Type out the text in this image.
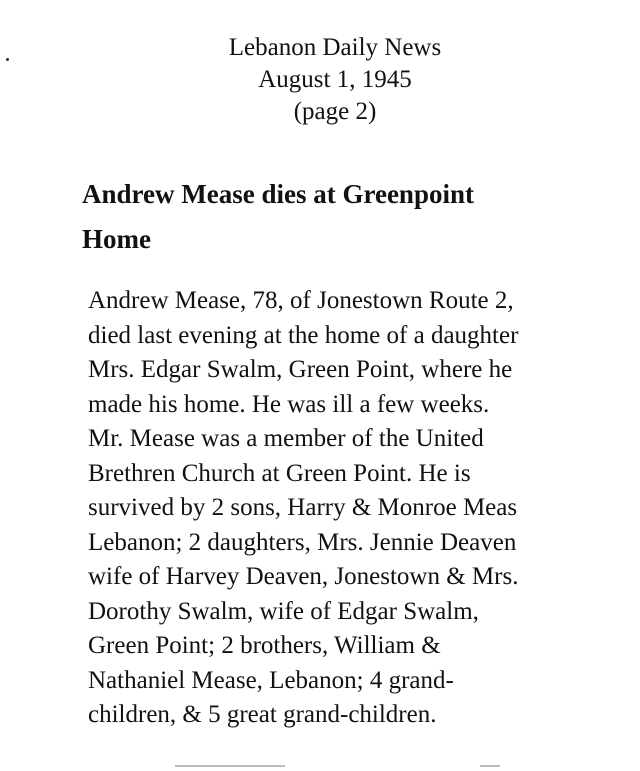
Lebanon Daily News
August 1, 1945
(page 2)
Andrew Mease dies at Greenpoint
Home
Andrew Mease, 78, of Jonestown Route 2,
died last evening at the home of a daughter
Mrs. Edgar Swalm, Green Point, where he
made his home. He was ill a few weeks.
Mr. Mease was a member of the United
Brethren Church at Green Point. He is
survived by 2 sons, Harry & Monroe Meas
Lebanon; 2 daughters, Mrs. Jennie Deaven
wife of Harvey Deaven, Jonestown & Mrs.
Dorothy Swalm, wife of Edgar Swalm,
Green Point; 2 brothers, William &
Nathaniel Mease, Lebanon; 4 grand-
children, & 5 great grand-children.
